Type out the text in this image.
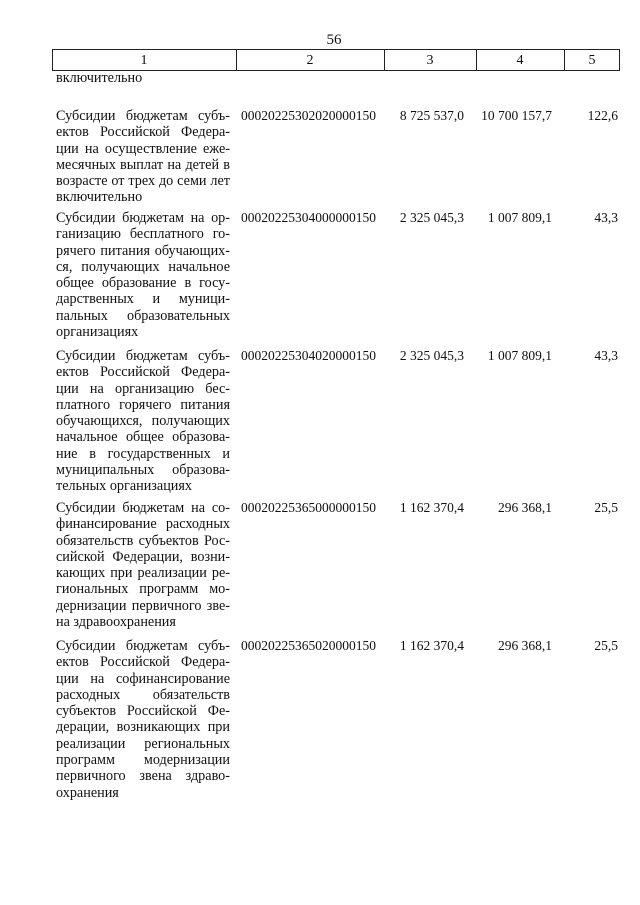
56
1	2	3	4	5
включительно
Субсидии бюджетам субъ-
ектов Российской Федера-
ции на осуществление еже-
месячных выплат на детей в
возрасте от трех до семи лет
включительно
00020225302020000150 8 725 537,0	10 700 157,7	122,6
Субсидии бюджетам на ор-
ганизацию бесплатного го-
рячего питания обучающих-
ся, получающих начальное
общее образование в госу-
дарственных и муници-
пальных образовательных
организациях
00020225304000000150 2 325 045,3	1 007 809,1	43,3
Субсидии бюджетам субъ-
ектов Российской Федера-
ции на организацию бес-
платного горячего питания
обучающихся, получающих
начальное общее образова-
ние в государственных и
муниципальных образова-
тельных организациях
00020225304020000150 2 325 045,3	1 007 809,1	43,3
Субсидии бюджетам на со-
финансирование расходных
обязательств субъектов Рос-
сийской Федерации, возни-
кающих при реализации ре-
гиональных программ мо-
дернизации первичного зве-
на здравоохранения
00020225365000000150 1 162 370,4	296 368,1	25,5
Субсидии бюджетам субъ-
ектов Российской Федера-
ции на софинансирование
расходных обязательств
субъектов Российской Фе-
дерации, возникающих при
реализации региональных
программ модернизации
первичного звена здраво-
охранения
00020225365020000150 1 162 370,4	296 368,1	25,5
